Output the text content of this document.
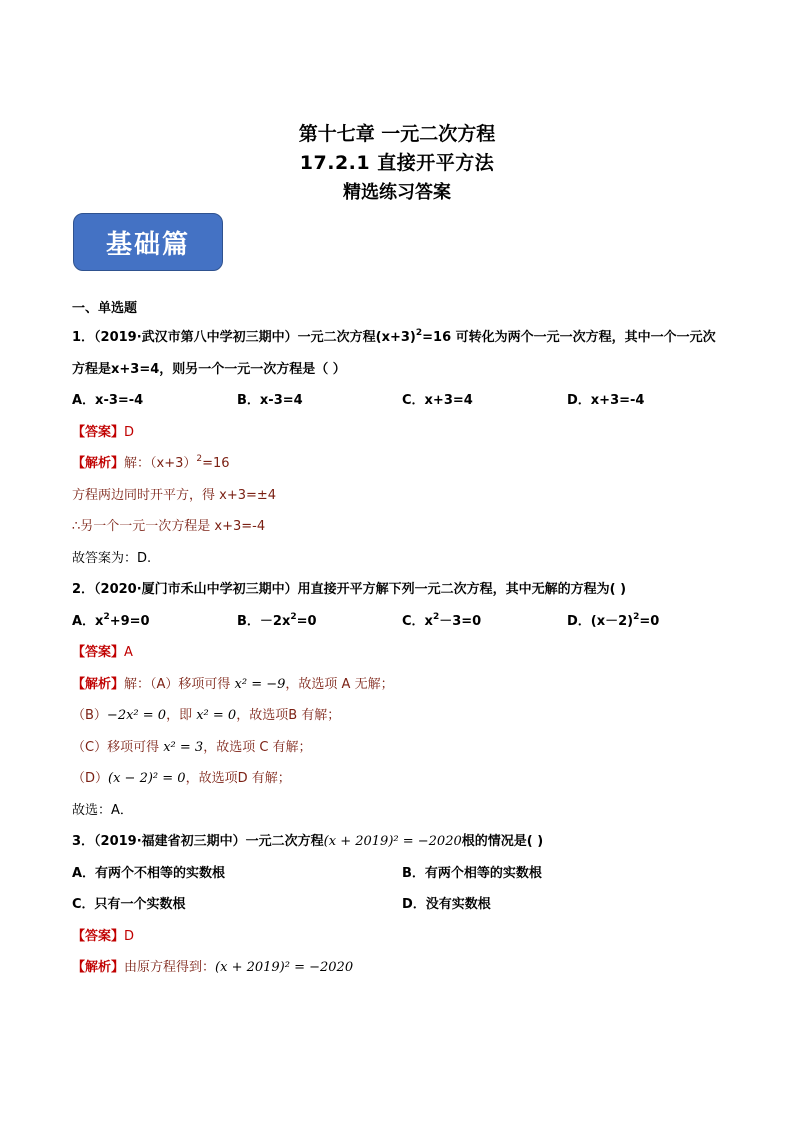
第十七章 一元二次方程
17.2.1 直接开平方法
精选练习答案
基础篇
一、单选题
1．（2019·武汉市第八中学初三期中）一元二次方程$(x+3)^2=16$ 可转化为两个一元一次方程，其中一个一元次
方程是x+3=4，则另一个一元一次方程是（ ）
A．x-3=-4	B．x-3=4	C．x+3=4	D．x+3=-4
【答案】D
【解析】解：$(x+3)^2=16$
方程两边同时开平方，得 x+3=±4
∴另一个一元一次方程是 x+3=-4
故答案为：D.
2．（2020·厦门市禾山中学初三期中）用直接开平方解下列一元二次方程，其中无解的方程为( )
A．$x^2+9=0$	B．$-2x^2=0$	C．$x^2-3=0$	D．$(x-2)^2=0$
【答案】A
【解析】解：（A）移项可得 x² = −9，故选项 A 无解；
（B）−2x² = 0，即 x² = 0，故选项B 有解；
（C）移项可得 x² = 3，故选项 C 有解；
（D）(x − 2)² = 0，故选项D 有解；
故选：A．
3．（2019·福建省初三期中）一元二次方程(x + 2019)² = −2020根的情况是( )
A．有两个不相等的实数根	B．有两个相等的实数根
C．只有一个实数根	D．没有实数根
【答案】D
【解析】由原方程得到：(x + 2019)² = −2020
